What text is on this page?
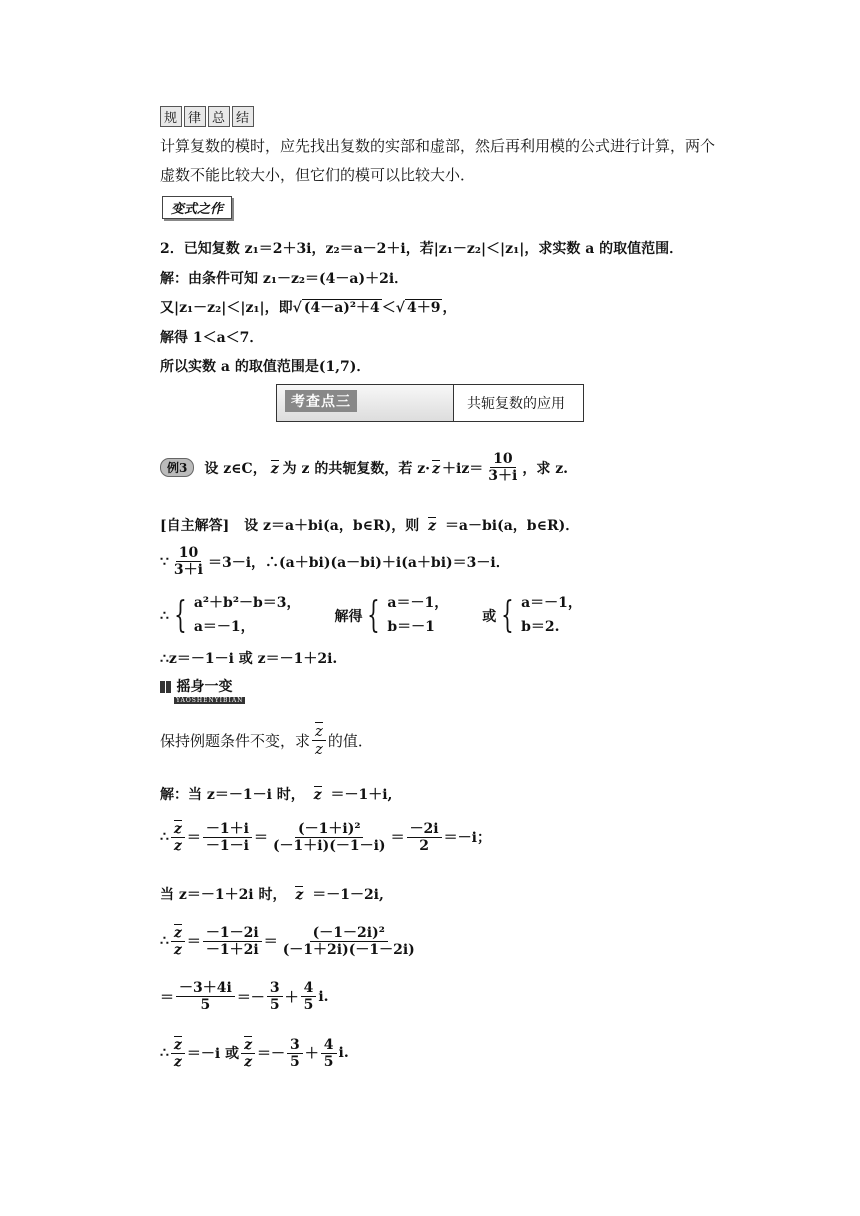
规 律 总 结
计算复数的模时，应先找出复数的实部和虚部，然后再利用模的公式进行计算，两个
虚数不能比较大小，但它们的模可以比较大小．
变式之作
2．已知复数 z₁＝2＋3i，z₂＝a－2＋i，若|z₁－z₂|＜|z₁|，求实数 a 的取值范围．
解：由条件可知 z₁－z₂＝(4－a)＋2i．
又|z₁－z₂|＜|z₁|，即√ (4－a)²＋4 ＜√ 4＋9 ，
解得 1＜a＜7．
所以实数 a 的取值范围是(1,7)．
考查点三	共轭复数的应用
例3	设 z∈C， z 为 z 的共轭复数，若 $z\cdot z +iz= \frac{10}{3+i}$ ，求 z.
[自主解答] 设 z＝a＋bi(a，b∈R)，则 z ＝a－bi(a，b∈R)．
∵ $\frac{10}{3+i} =3-i$，∴(a＋bi)(a－bi)＋i(a＋bi)＝3－i．
∴ { a²＋b²－b＝3，
a＝－1，
解得 { a＝－1，
b＝－1
或 { a＝－1，
b＝2.
∴z＝－1－i 或 z＝－1＋2i.
摇身一变
YAOSHENYIBIAN
保持例题条件不变，求 $\frac{z}{z}$ 的值．
解：当 z＝－1－i 时， z ＝－1＋i,
∴ $\frac{z}{z} = \frac{-1+i}{-1-i} = \frac{\text{(－1＋i)²}}{(-1+i)(-1-i)} = \frac{-2i}{2} =-i$；
当 z＝－1＋2i 时， z ＝－1－2i,
∴ $\frac{z}{z} = \frac{-1-2i}{-1+2i} = \frac{\text{(－1－2i)²}}{(-1+2i)(-1-2i)}$
＝ $\frac{-3+4i}{5} =- \frac{3}{5} + \frac{4}{5} i$.
∴ $\frac{z}{z} =-i$ 或 $\frac{z}{z} =- \frac{3}{5} + \frac{4}{5} i$.
